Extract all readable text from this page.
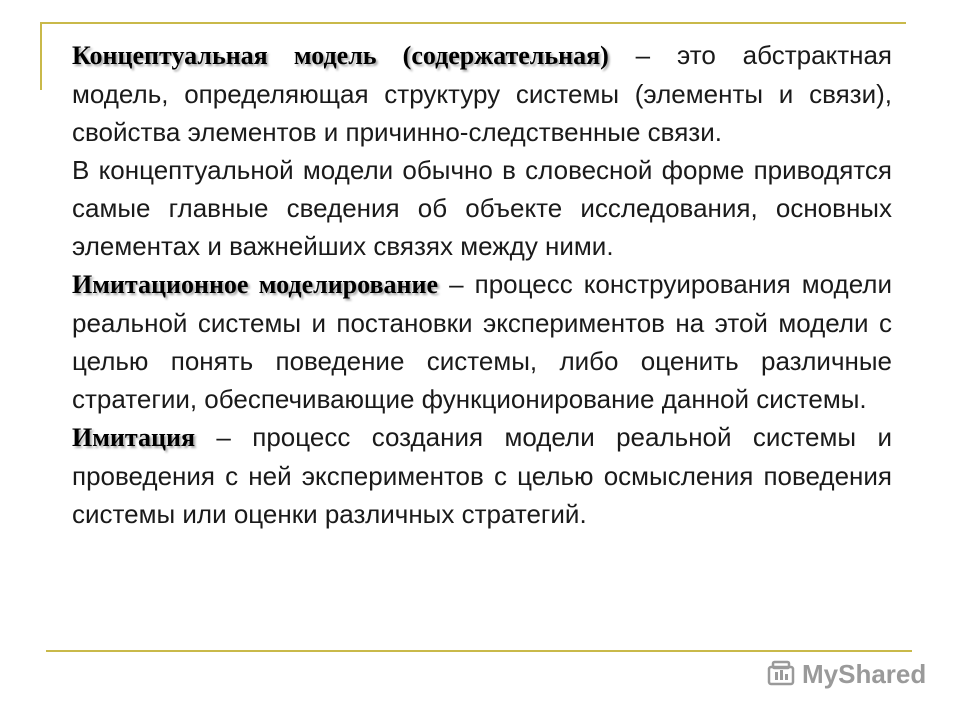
Концептуальная модель (содержательная) – это абстрактная модель, определяющая структуру системы (элементы и связи), свойства элементов и причинно-следственные связи.

В концептуальной модели обычно в словесной форме приводятся самые главные сведения об объекте исследования, основных элементах и важнейших связях между ними.

Имитационное моделирование – процесс конструирования модели реальной системы и постановки экспериментов на этой модели с целью понять поведение системы, либо оценить различные стратегии, обеспечивающие функционирование данной системы.

Имитация – процесс создания модели реальной системы и проведения с ней экспериментов с целью осмысления поведения системы или оценки различных стратегий.

MyShared
